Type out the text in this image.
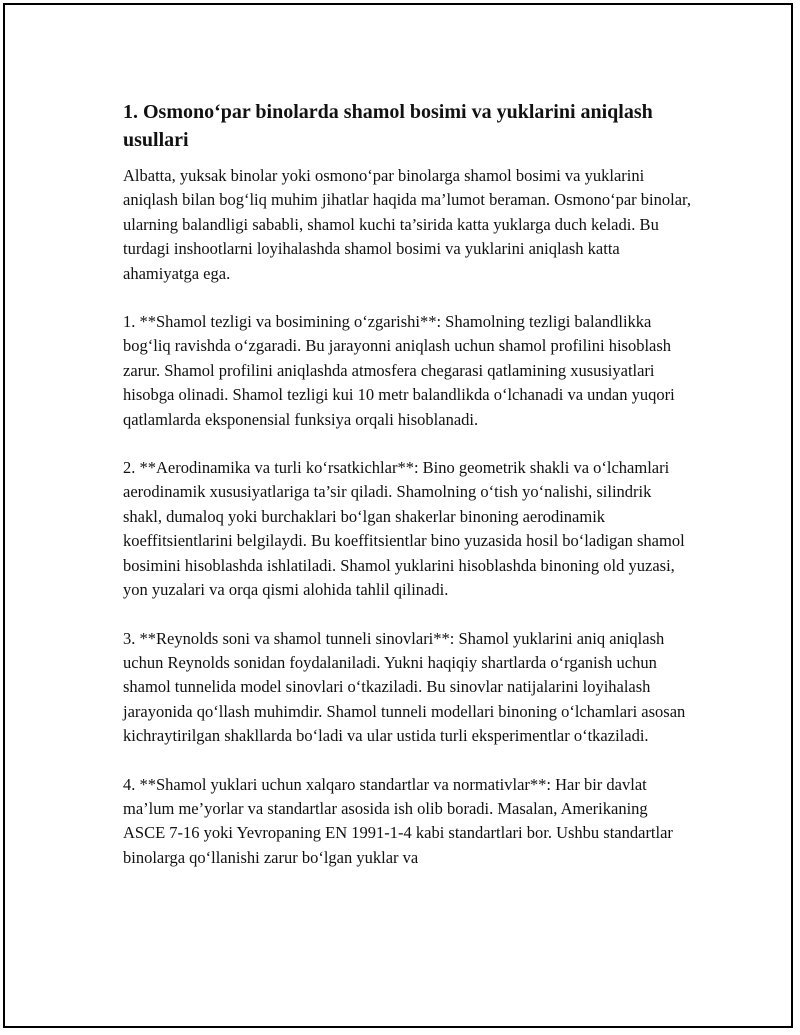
1. Osmono‘par binolarda shamol bosimi va yuklarini aniqlash usullari

Albatta, yuksak binolar yoki osmono‘par binolarga shamol bosimi va yuklarini aniqlash bilan bog‘liq muhim jihatlar haqida ma’lumot beraman. Osmono‘par binolar, ularning balandligi sababli, shamol kuchi ta’sirida katta yuklarga duch keladi. Bu turdagi inshootlarni loyihalashda shamol bosimi va yuklarini aniqlash katta ahamiyatga ega.

1. **Shamol tezligi va bosimining o‘zgarishi**: Shamolning tezligi balandlikka bog‘liq ravishda o‘zgaradi. Bu jarayonni aniqlash uchun shamol profilini hisoblash zarur. Shamol profilini aniqlashda atmosfera chegarasi qatlamining xususiyatlari hisobga olinadi. Shamol tezligi kui 10 metr balandlikda o‘lchanadi va undan yuqori qatlamlarda eksponensial funksiya orqali hisoblanadi.

2. **Aerodinamika va turli ko‘rsatkichlar**: Bino geometrik shakli va o‘lchamlari aerodinamik xususiyatlariga ta’sir qiladi. Shamolning o‘tish yo‘nalishi, silindrik shakl, dumaloq yoki burchaklari bo‘lgan shakerlar binoning aerodinamik koeffitsientlarini belgilaydi. Bu koeffitsientlar bino yuzasida hosil bo‘ladigan shamol bosimini hisoblashda ishlatiladi. Shamol yuklarini hisoblashda binoning old yuzasi, yon yuzalari va orqa qismi alohida tahlil qilinadi.

3. **Reynolds soni va shamol tunneli sinovlari**: Shamol yuklarini aniq aniqlash uchun Reynolds sonidan foydalaniladi. Yukni haqiqiy shartlarda o‘rganish uchun shamol tunnelida model sinovlari o‘tkaziladi. Bu sinovlar natijalarini loyihalash jarayonida qo‘llash muhimdir. Shamol tunneli modellari binoning o‘lchamlari asosan kichraytirilgan shakllarda bo‘ladi va ular ustida turli eksperimentlar o‘tkaziladi.

4. **Shamol yuklari uchun xalqaro standartlar va normativlar**: Har bir davlat ma’lum me’yorlar va standartlar asosida ish olib boradi. Masalan, Amerikaning ASCE 7-16 yoki Yevropaning EN 1991-1-4 kabi standartlari bor. Ushbu standartlar binolarga qo‘llanishi zarur bo‘lgan yuklar va
